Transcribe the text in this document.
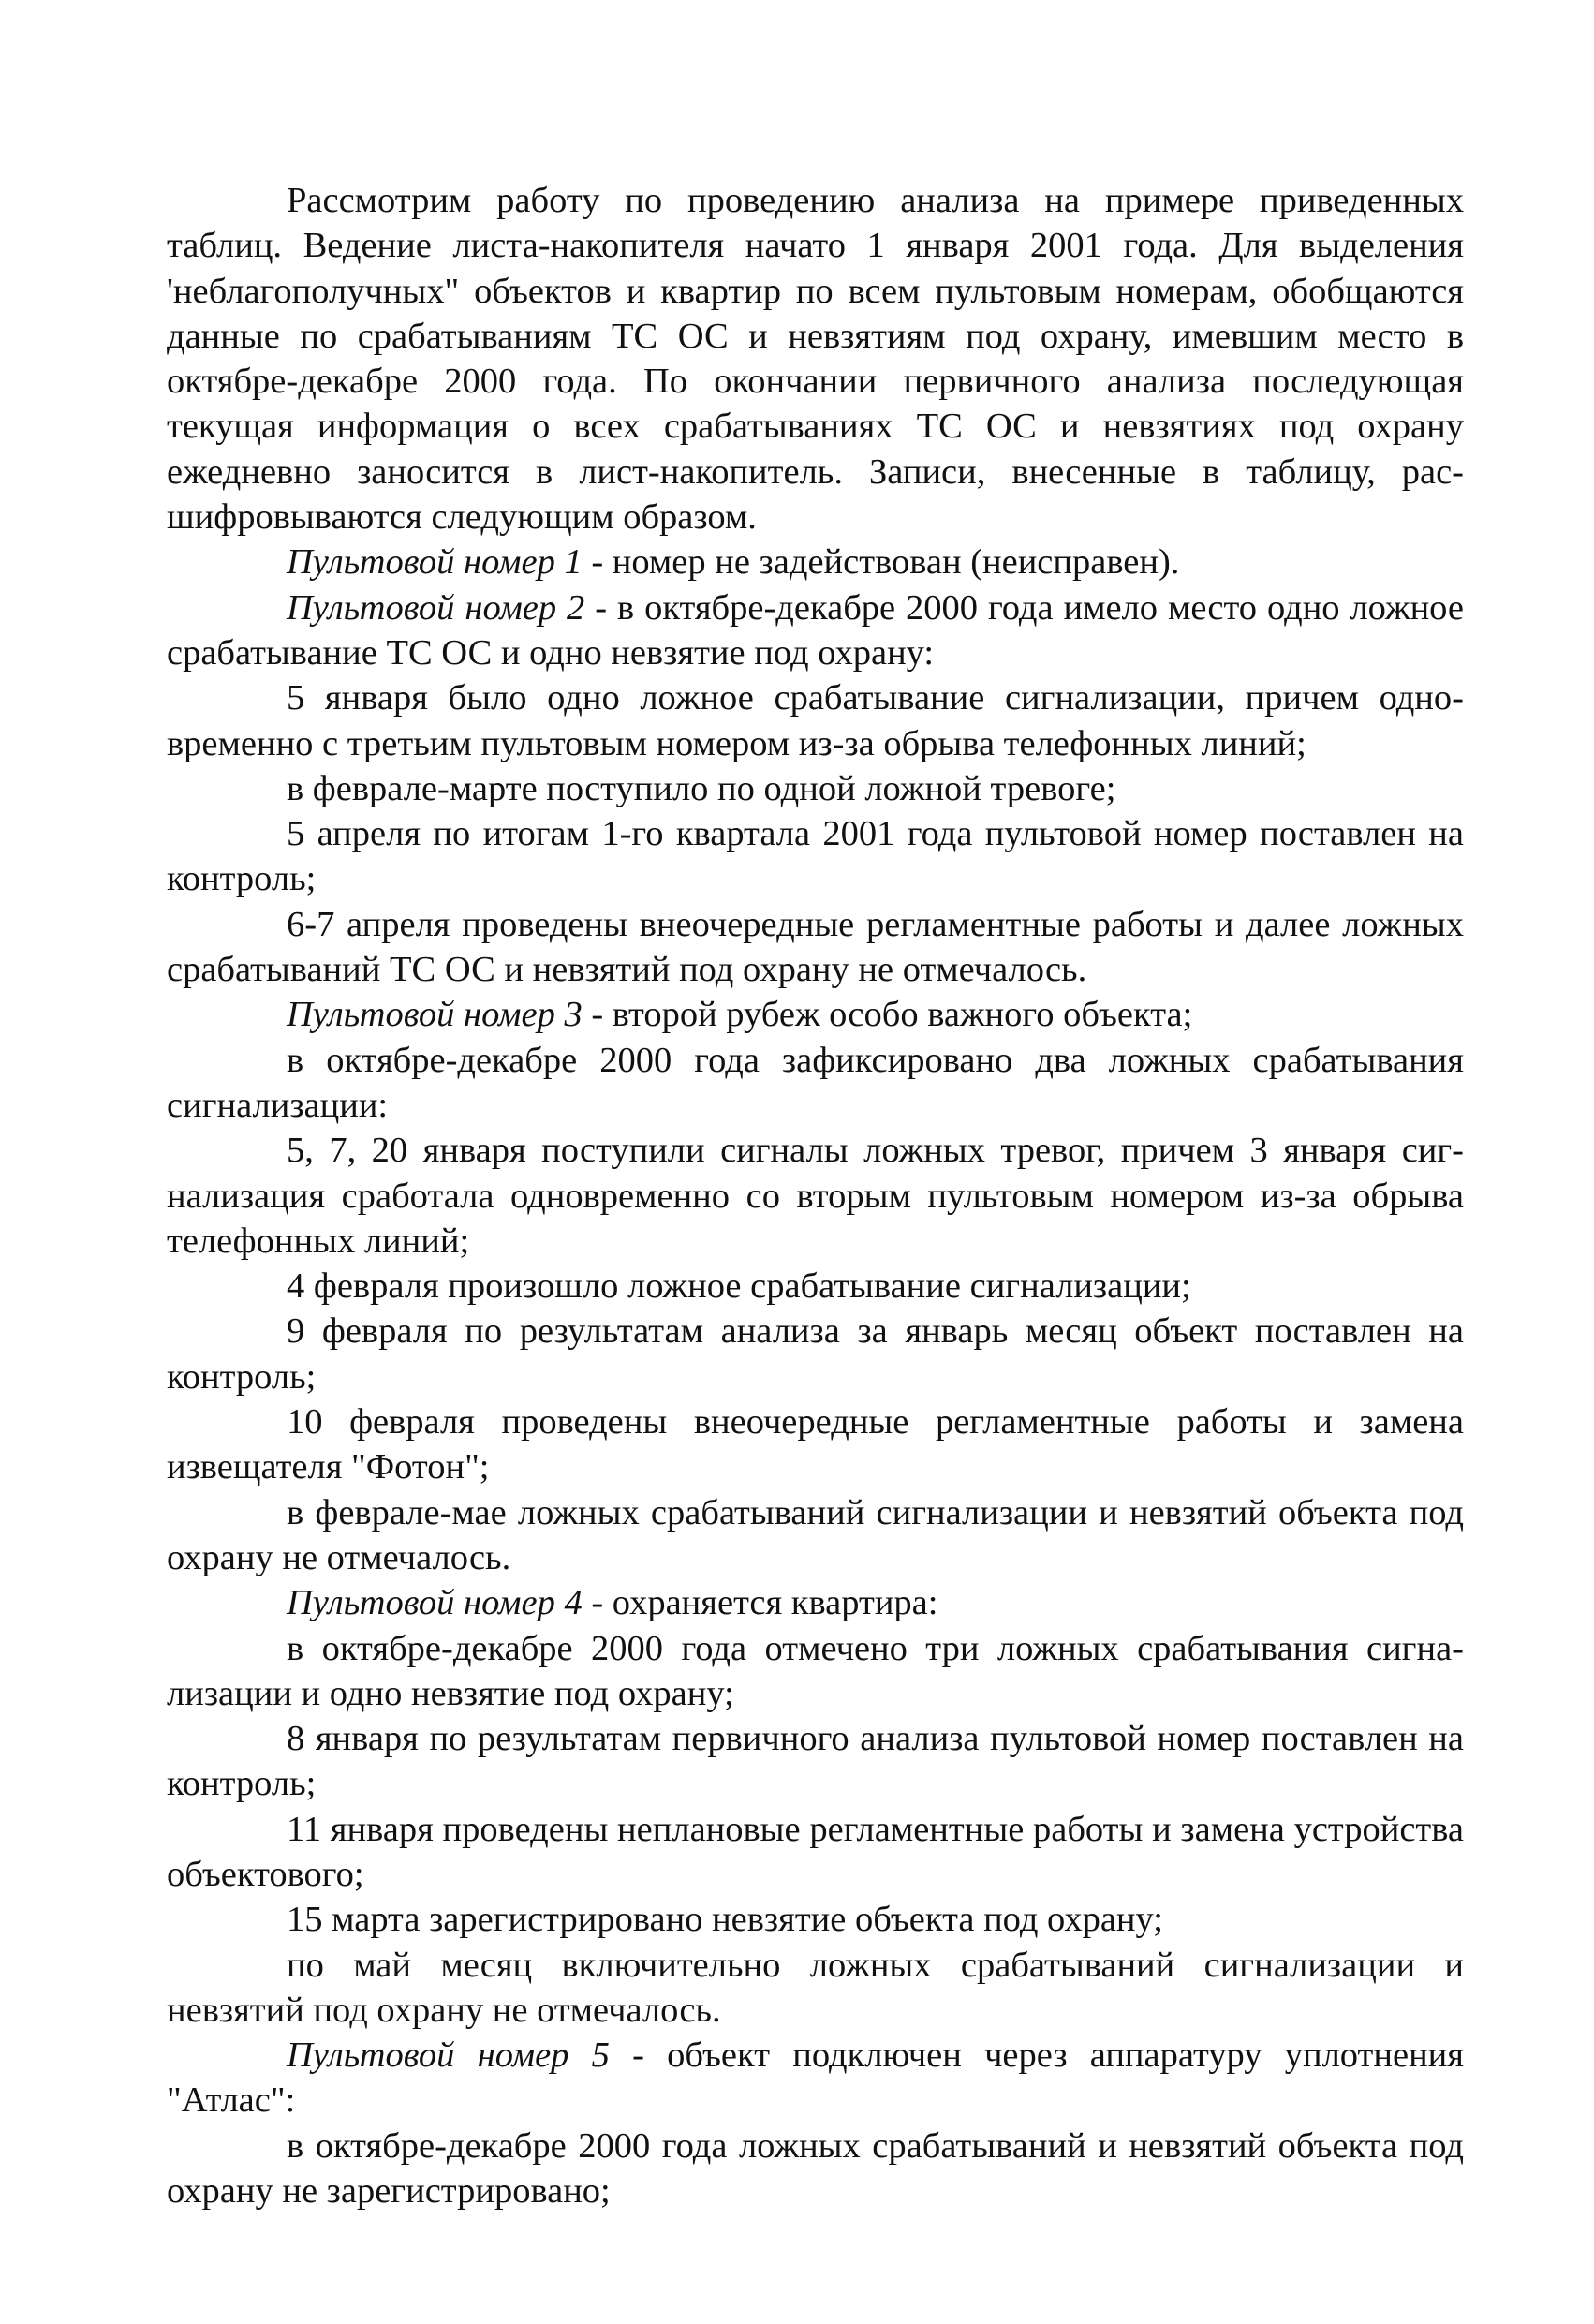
Рассмотрим работу по проведению анализа на примере приведенных таблиц. Ведение листа-накопителя начато 1 января 2001 года. Для выделения 'неблагополучных" объектов и квартир по всем пультовым номерам, обобщаются данные по срабатываниям ТС ОС и невзятиям под охрану, имевшим место в октябре-декабре 2000 года. По окончании первичного анализа последующая текущая информация о всех срабатываниях ТС ОС и невзятиях под охрану ежедневно заносится в лист-накопитель. Записи, внесенные в таблицу, расшифровываются следующим образом.

Пультовой номер 1 - номер не задействован (неисправен).

Пультовой номер 2 - в октябре-декабре 2000 года имело место одно ложное срабатывание ТС ОС и одно невзятие под охрану:

5 января было одно ложное срабатывание сигнализации, причем одновременно с третьим пультовым номером из-за обрыва телефонных линий;

в феврале-марте поступило по одной ложной тревоге;

5 апреля по итогам 1-го квартала 2001 года пультовой номер поставлен на контроль;

6-7 апреля проведены внеочередные регламентные работы и далее ложных срабатываний ТС ОС и невзятий под охрану не отмечалось.

Пультовой номер 3 - второй рубеж особо важного объекта;

в октябре-декабре 2000 года зафиксировано два ложных срабатывания сигнализации:

5, 7, 20 января поступили сигналы ложных тревог, причем 3 января сигнализация сработала одновременно со вторым пультовым номером из-за обрыва телефонных линий;

4 февраля произошло ложное срабатывание сигнализации;

9 февраля по результатам анализа за январь месяц объект поставлен на контроль;

10 февраля проведены внеочередные регламентные работы и замена извещателя "Фотон";

в феврале-мае ложных срабатываний сигнализации и невзятий объекта под охрану не отмечалось.

Пультовой номер 4 - охраняется квартира:

в октябре-декабре 2000 года отмечено три ложных срабатывания сигнализации и одно невзятие под охрану;

8 января по результатам первичного анализа пультовой номер поставлен на контроль;

11 января проведены неплановые регламентные работы и замена устройства объектового;

15 марта зарегистрировано невзятие объекта под охрану;

по май месяц включительно ложных срабатываний сигнализации и невзятий под охрану не отмечалось.

Пультовой номер 5 - объект подключен через аппаратуру уплотнения "Атлас":

в октябре-декабре 2000 года ложных срабатываний и невзятий объекта под охрану не зарегистрировано;
